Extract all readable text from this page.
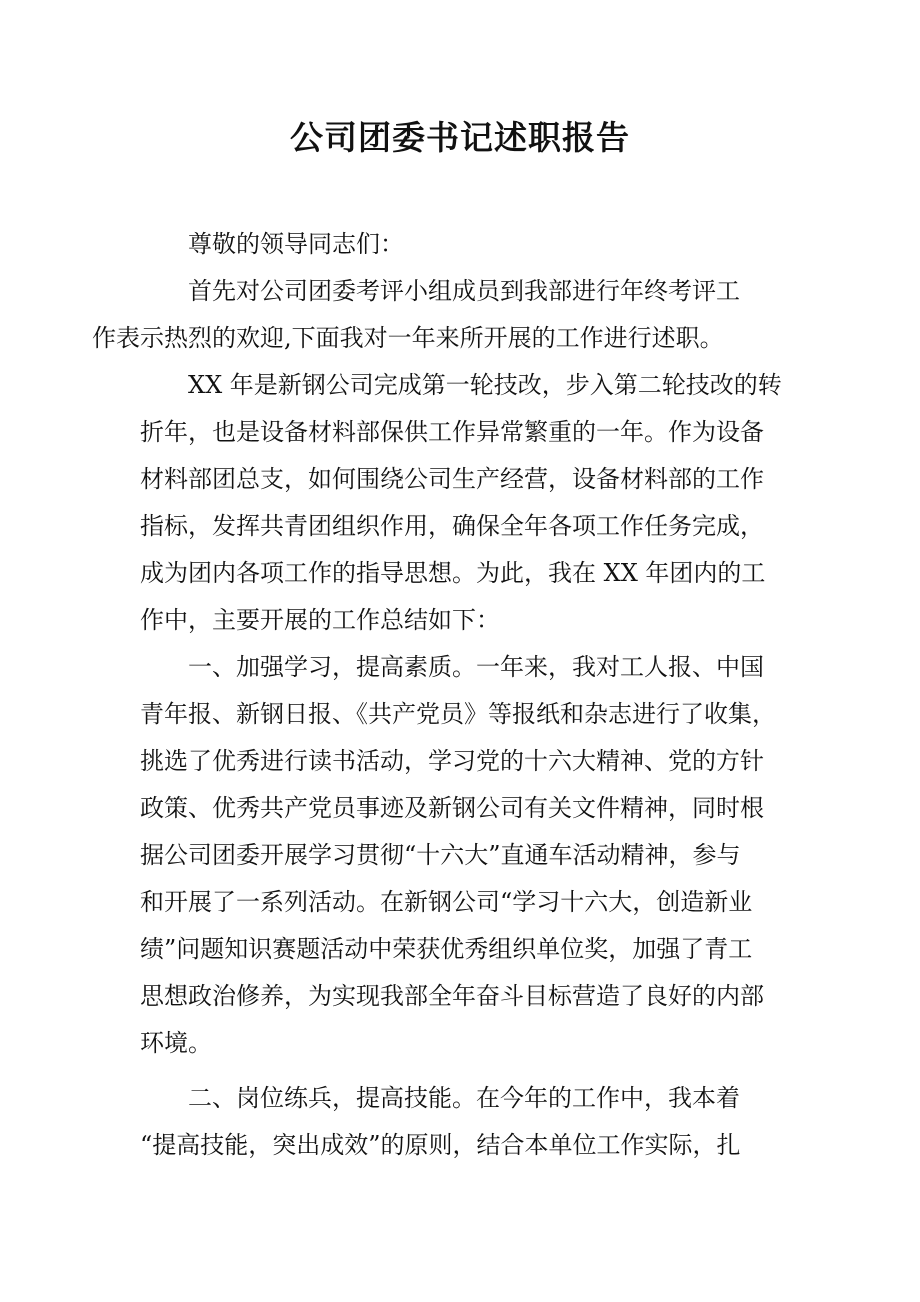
公司团委书记述职报告

尊敬的领导同志们：

首先对公司团委考评小组成员到我部进行年终考评工
作表示热烈的欢迎,下面我对一年来所开展的工作进行述职。

XX 年是新钢公司完成第一轮技改，步入第二轮技改的转
折年，也是设备材料部保供工作异常繁重的一年。作为设备
材料部团总支，如何围绕公司生产经营，设备材料部的工作
指标，发挥共青团组织作用，确保全年各项工作任务完成，
成为团内各项工作的指导思想。为此，我在 XX 年团内的工
作中，主要开展的工作总结如下：

一、加强学习，提高素质。一年来，我对工人报、中国
青年报、新钢日报、《共产党员》等报纸和杂志进行了收集，
挑选了优秀进行读书活动，学习党的十六大精神、党的方针
政策、优秀共产党员事迹及新钢公司有关文件精神，同时根
据公司团委开展学习贯彻“十六大”直通车活动精神，参与
和开展了一系列活动。在新钢公司“学习十六大，创造新业
绩”问题知识赛题活动中荣获优秀组织单位奖，加强了青工
思想政治修养，为实现我部全年奋斗目标营造了良好的内部
环境。

二、岗位练兵，提高技能。在今年的工作中，我本着
“提高技能，突出成效”的原则，结合本单位工作实际，扎
